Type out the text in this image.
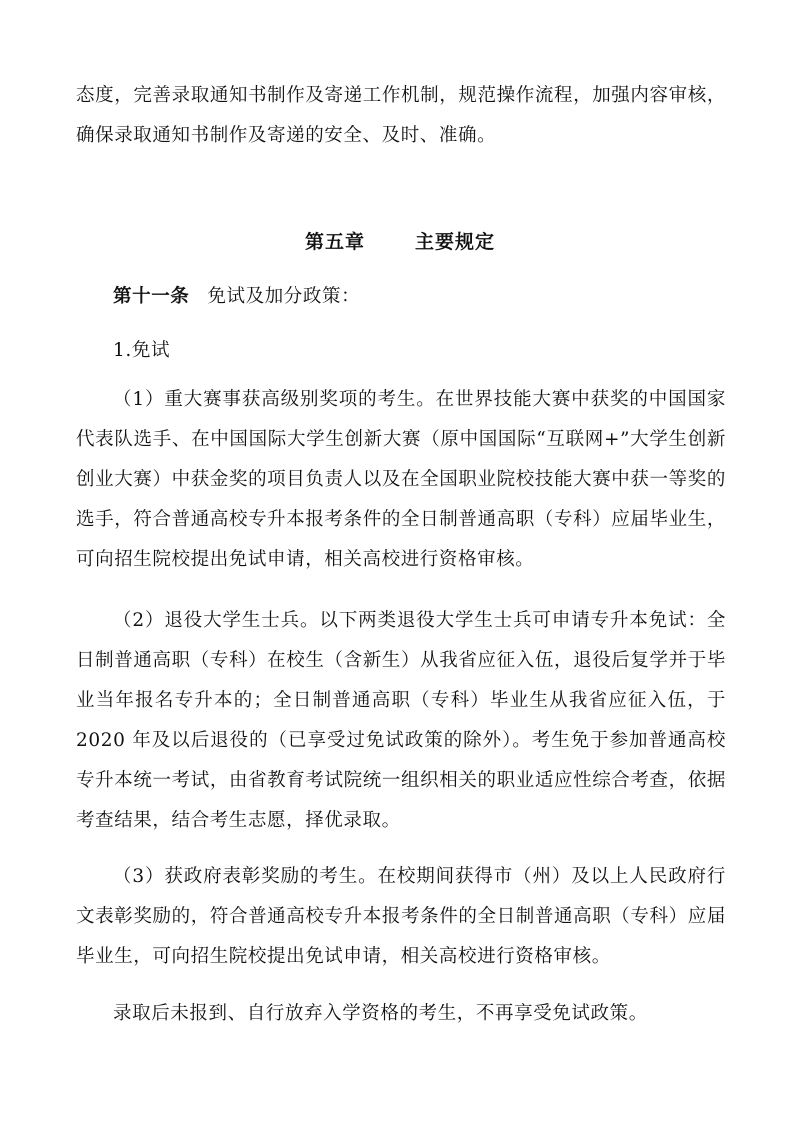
态度，完善录取通知书制作及寄递工作机制，规范操作流程，加强内容审核，确保录取通知书制作及寄递的安全、及时、准确。

第五章	主要规定

第十一条 免试及加分政策：

1.免试

（1）重大赛事获高级别奖项的考生。在世界技能大赛中获奖的中国国家代表队选手、在中国国际大学生创新大赛（原中国国际“互联网+”大学生创新创业大赛）中获金奖的项目负责人以及在全国职业院校技能大赛中获一等奖的选手，符合普通高校专升本报考条件的全日制普通高职（专科）应届毕业生，可向招生院校提出免试申请，相关高校进行资格审核。

（2）退役大学生士兵。以下两类退役大学生士兵可申请专升本免试：全日制普通高职（专科）在校生（含新生）从我省应征入伍，退役后复学并于毕业当年报名专升本的；全日制普通高职（专科）毕业生从我省应征入伍，于 2020 年及以后退役的（已享受过免试政策的除外）。考生免于参加普通高校专升本统一考试，由省教育考试院统一组织相关的职业适应性综合考查，依据考查结果，结合考生志愿，择优录取。

（3）获政府表彰奖励的考生。在校期间获得市（州）及以上人民政府行文表彰奖励的，符合普通高校专升本报考条件的全日制普通高职（专科）应届毕业生，可向招生院校提出免试申请，相关高校进行资格审核。

录取后未报到、自行放弃入学资格的考生，不再享受免试政策。
